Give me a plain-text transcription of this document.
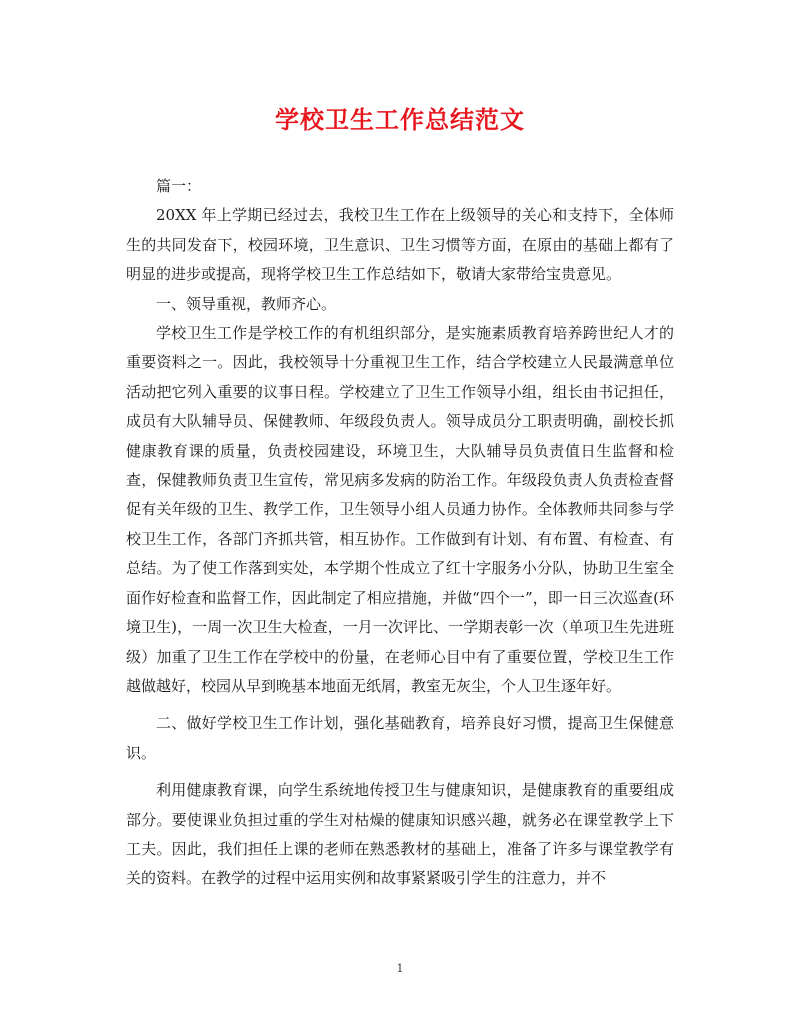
学校卫生工作总结范文

篇一：

20XX 年上学期已经过去，我校卫生工作在上级领导的关心和支持下，全体师生的共同发奋下，校园环境，卫生意识、卫生习惯等方面，在原由的基础上都有了明显的进步或提高，现将学校卫生工作总结如下，敬请大家带给宝贵意见。

一、领导重视，教师齐心。

学校卫生工作是学校工作的有机组织部分，是实施素质教育培养跨世纪人才的重要资料之一。因此，我校领导十分重视卫生工作，结合学校建立人民最满意单位活动把它列入重要的议事日程。学校建立了卫生工作领导小组，组长由书记担任，成员有大队辅导员、保健教师、年级段负责人。领导成员分工职责明确，副校长抓健康教育课的质量，负责校园建设，环境卫生，大队辅导员负责值日生监督和检查，保健教师负责卫生宣传，常见病多发病的防治工作。年级段负责人负责检查督促有关年级的卫生、教学工作，卫生领导小组人员通力协作。全体教师共同参与学校卫生工作，各部门齐抓共管，相互协作。工作做到有计划、有布置、有检查、有总结。为了使工作落到实处，本学期个性成立了红十字服务小分队，协助卫生室全面作好检查和监督工作，因此制定了相应措施，并做“四个一”，即一日三次巡查(环境卫生)，一周一次卫生大检查，一月一次评比、一学期表彰一次（单项卫生先进班级）加重了卫生工作在学校中的份量，在老师心目中有了重要位置，学校卫生工作越做越好，校园从早到晚基本地面无纸屑，教室无灰尘，个人卫生逐年好。

二、做好学校卫生工作计划，强化基础教育，培养良好习惯，提高卫生保健意识。

利用健康教育课，向学生系统地传授卫生与健康知识，是健康教育的重要组成部分。要使课业负担过重的学生对枯燥的健康知识感兴趣，就务必在课堂教学上下工夫。因此，我们担任上课的老师在熟悉教材的基础上，准备了许多与课堂教学有关的资料。在教学的过程中运用实例和故事紧紧吸引学生的注意力，并不

1
